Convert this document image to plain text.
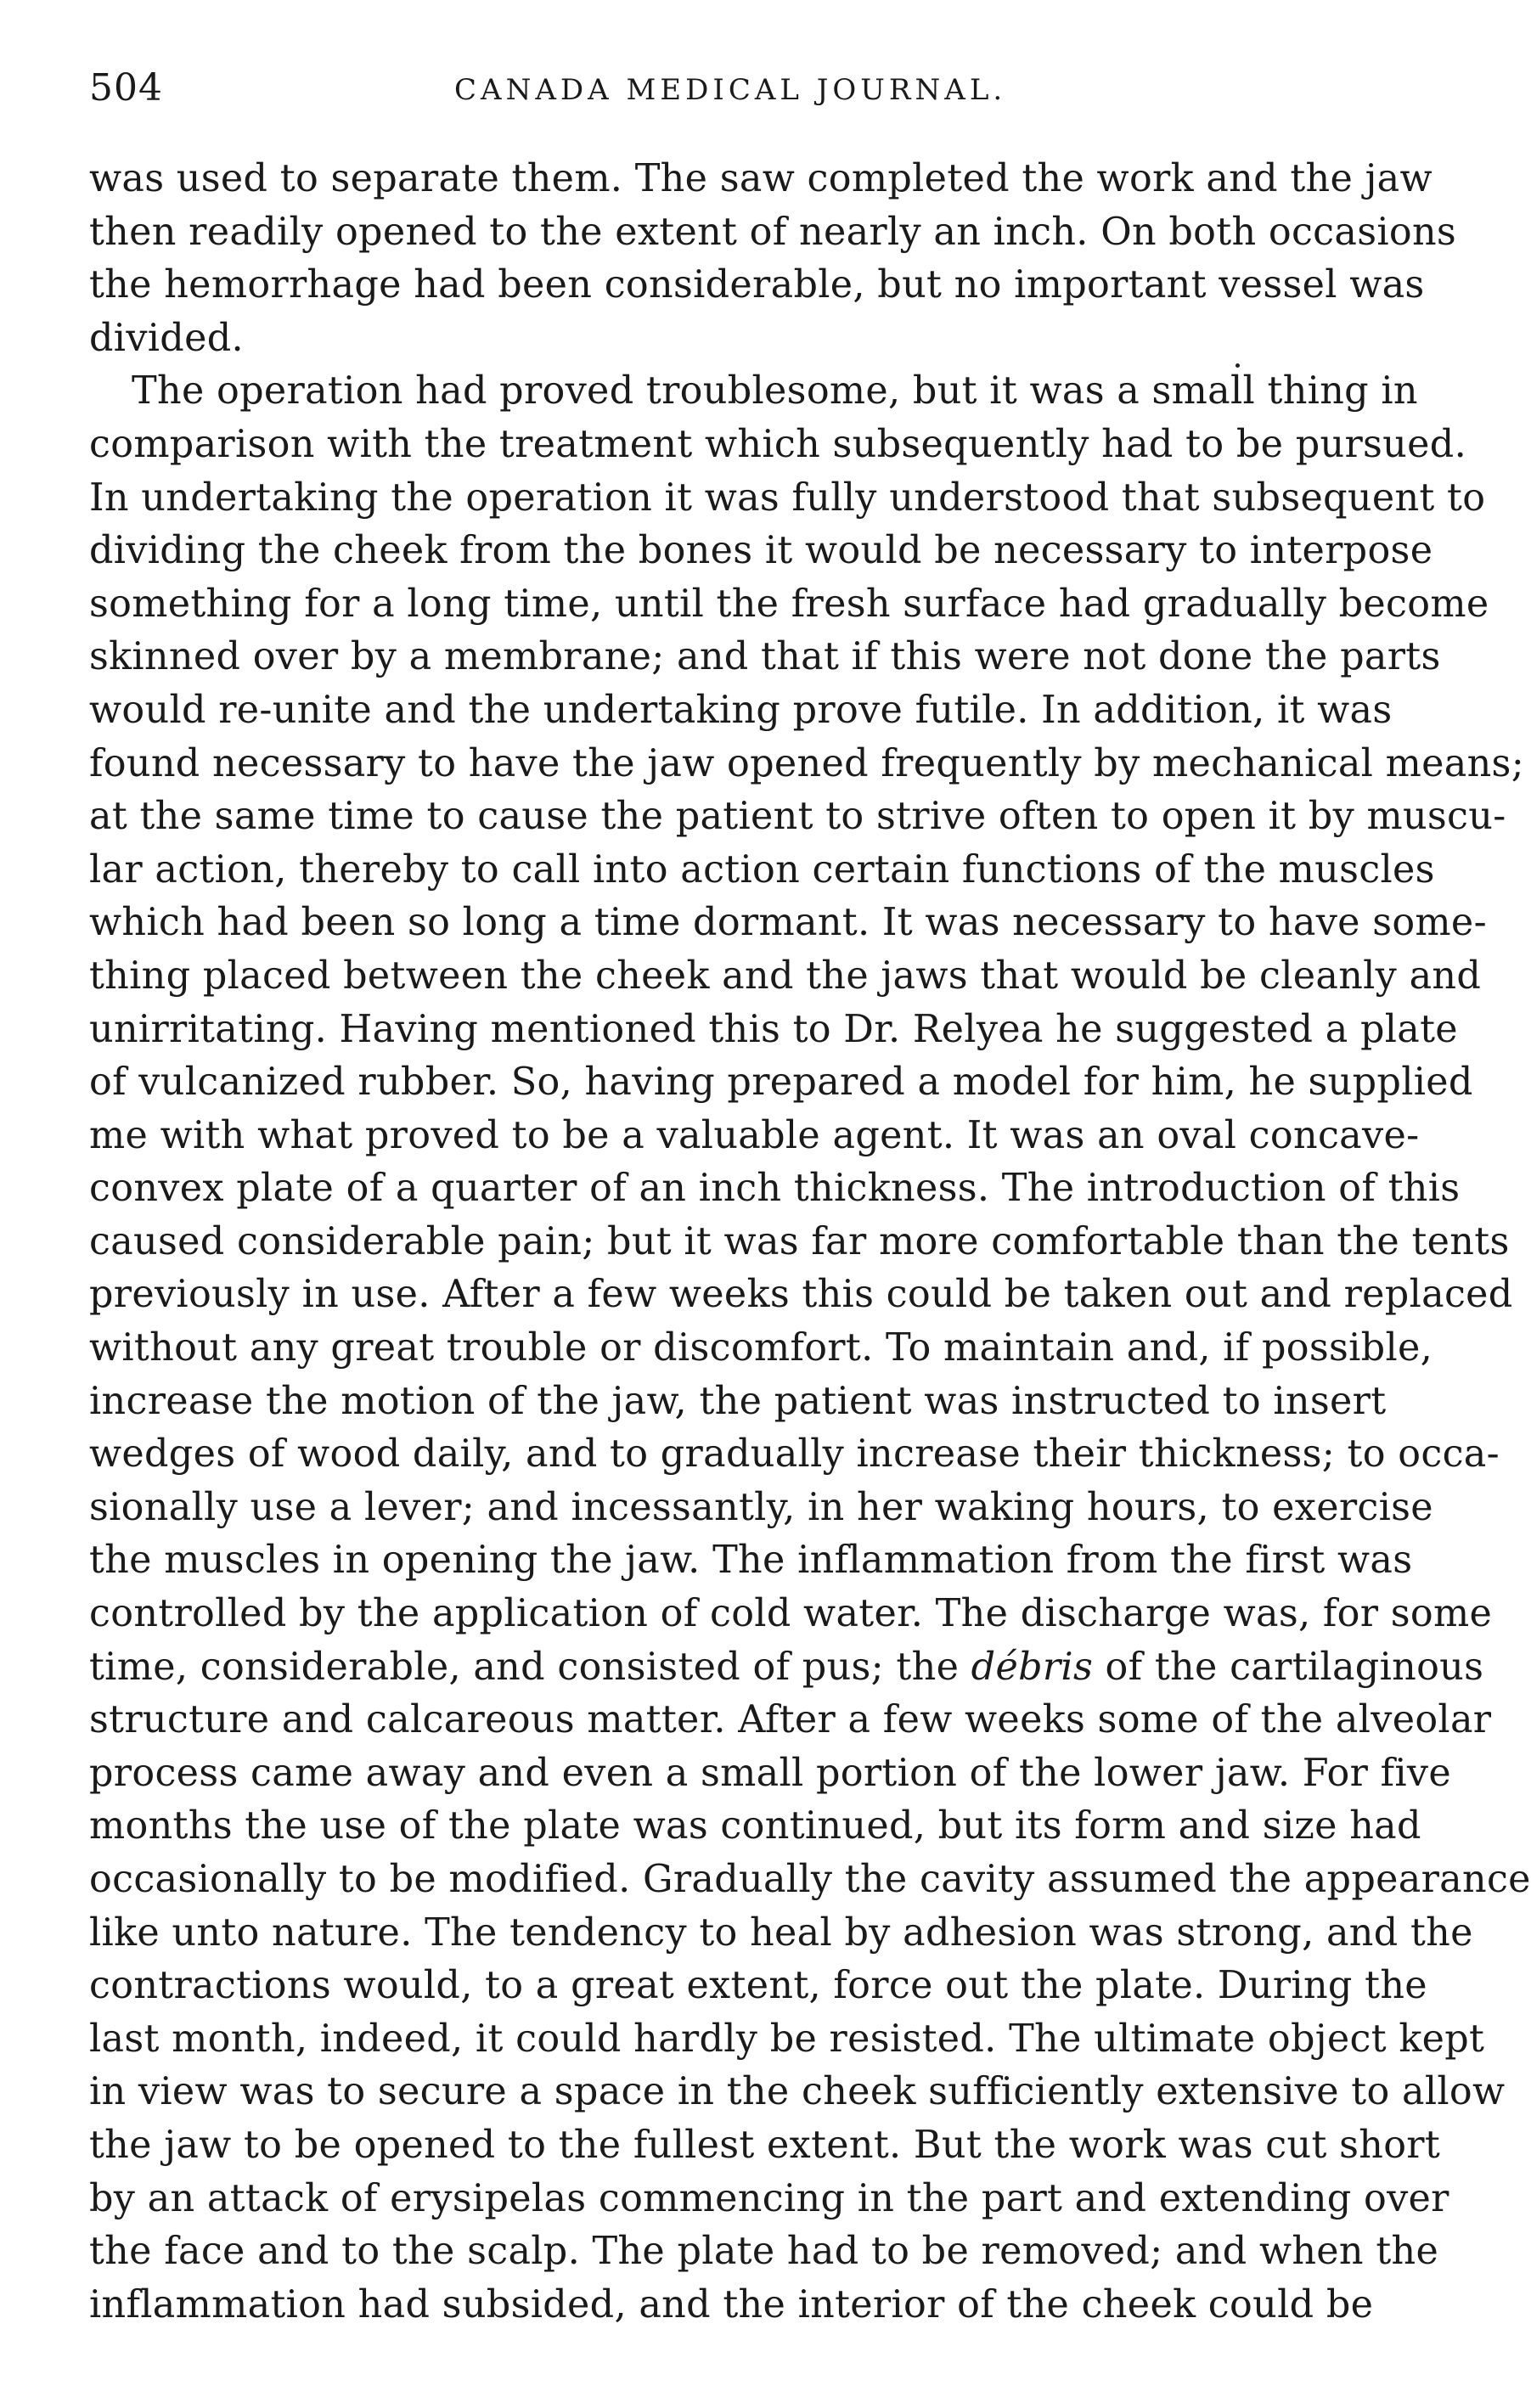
504	CANADA MEDICAL JOURNAL.
was used to separate them. The saw completed the work and the jaw
then readily opened to the extent of nearly an inch. On both occasions
the hemorrhage had been considerable, but no important vessel was
divided.
The operation had proved troublesome, but it was a small thing in
comparison with the treatment which subsequently had to be pursued.
In undertaking the operation it was fully understood that subsequent to
dividing the cheek from the bones it would be necessary to interpose
something for a long time, until the fresh surface had gradually become
skinned over by a membrane; and that if this were not done the parts
would re-unite and the undertaking prove futile. In addition, it was
found necessary to have the jaw opened frequently by mechanical means;
at the same time to cause the patient to strive often to open it by muscu-
lar action, thereby to call into action certain functions of the muscles
which had been so long a time dormant. It was necessary to have some-
thing placed between the cheek and the jaws that would be cleanly and
unirritating. Having mentioned this to Dr. Relyea he suggested a plate
of vulcanized rubber. So, having prepared a model for him, he supplied
me with what proved to be a valuable agent. It was an oval concave-
convex plate of a quarter of an inch thickness. The introduction of this
caused considerable pain; but it was far more comfortable than the tents
previously in use. After a few weeks this could be taken out and replaced
without any great trouble or discomfort. To maintain and, if possible,
increase the motion of the jaw, the patient was instructed to insert
wedges of wood daily, and to gradually increase their thickness; to occa-
sionally use a lever; and incessantly, in her waking hours, to exercise
the muscles in opening the jaw. The inflammation from the first was
controlled by the application of cold water. The discharge was, for some
time, considerable, and consisted of pus; the débris of the cartilaginous
structure and calcareous matter. After a few weeks some of the alveolar
process came away and even a small portion of the lower jaw. For five
months the use of the plate was continued, but its form and size had
occasionally to be modified. Gradually the cavity assumed the appearance
like unto nature. The tendency to heal by adhesion was strong, and the
contractions would, to a great extent, force out the plate. During the
last month, indeed, it could hardly be resisted. The ultimate object kept
in view was to secure a space in the cheek sufficiently extensive to allow
the jaw to be opened to the fullest extent. But the work was cut short
by an attack of erysipelas commencing in the part and extending over
the face and to the scalp. The plate had to be removed; and when the
inflammation had subsided, and the interior of the cheek could be
